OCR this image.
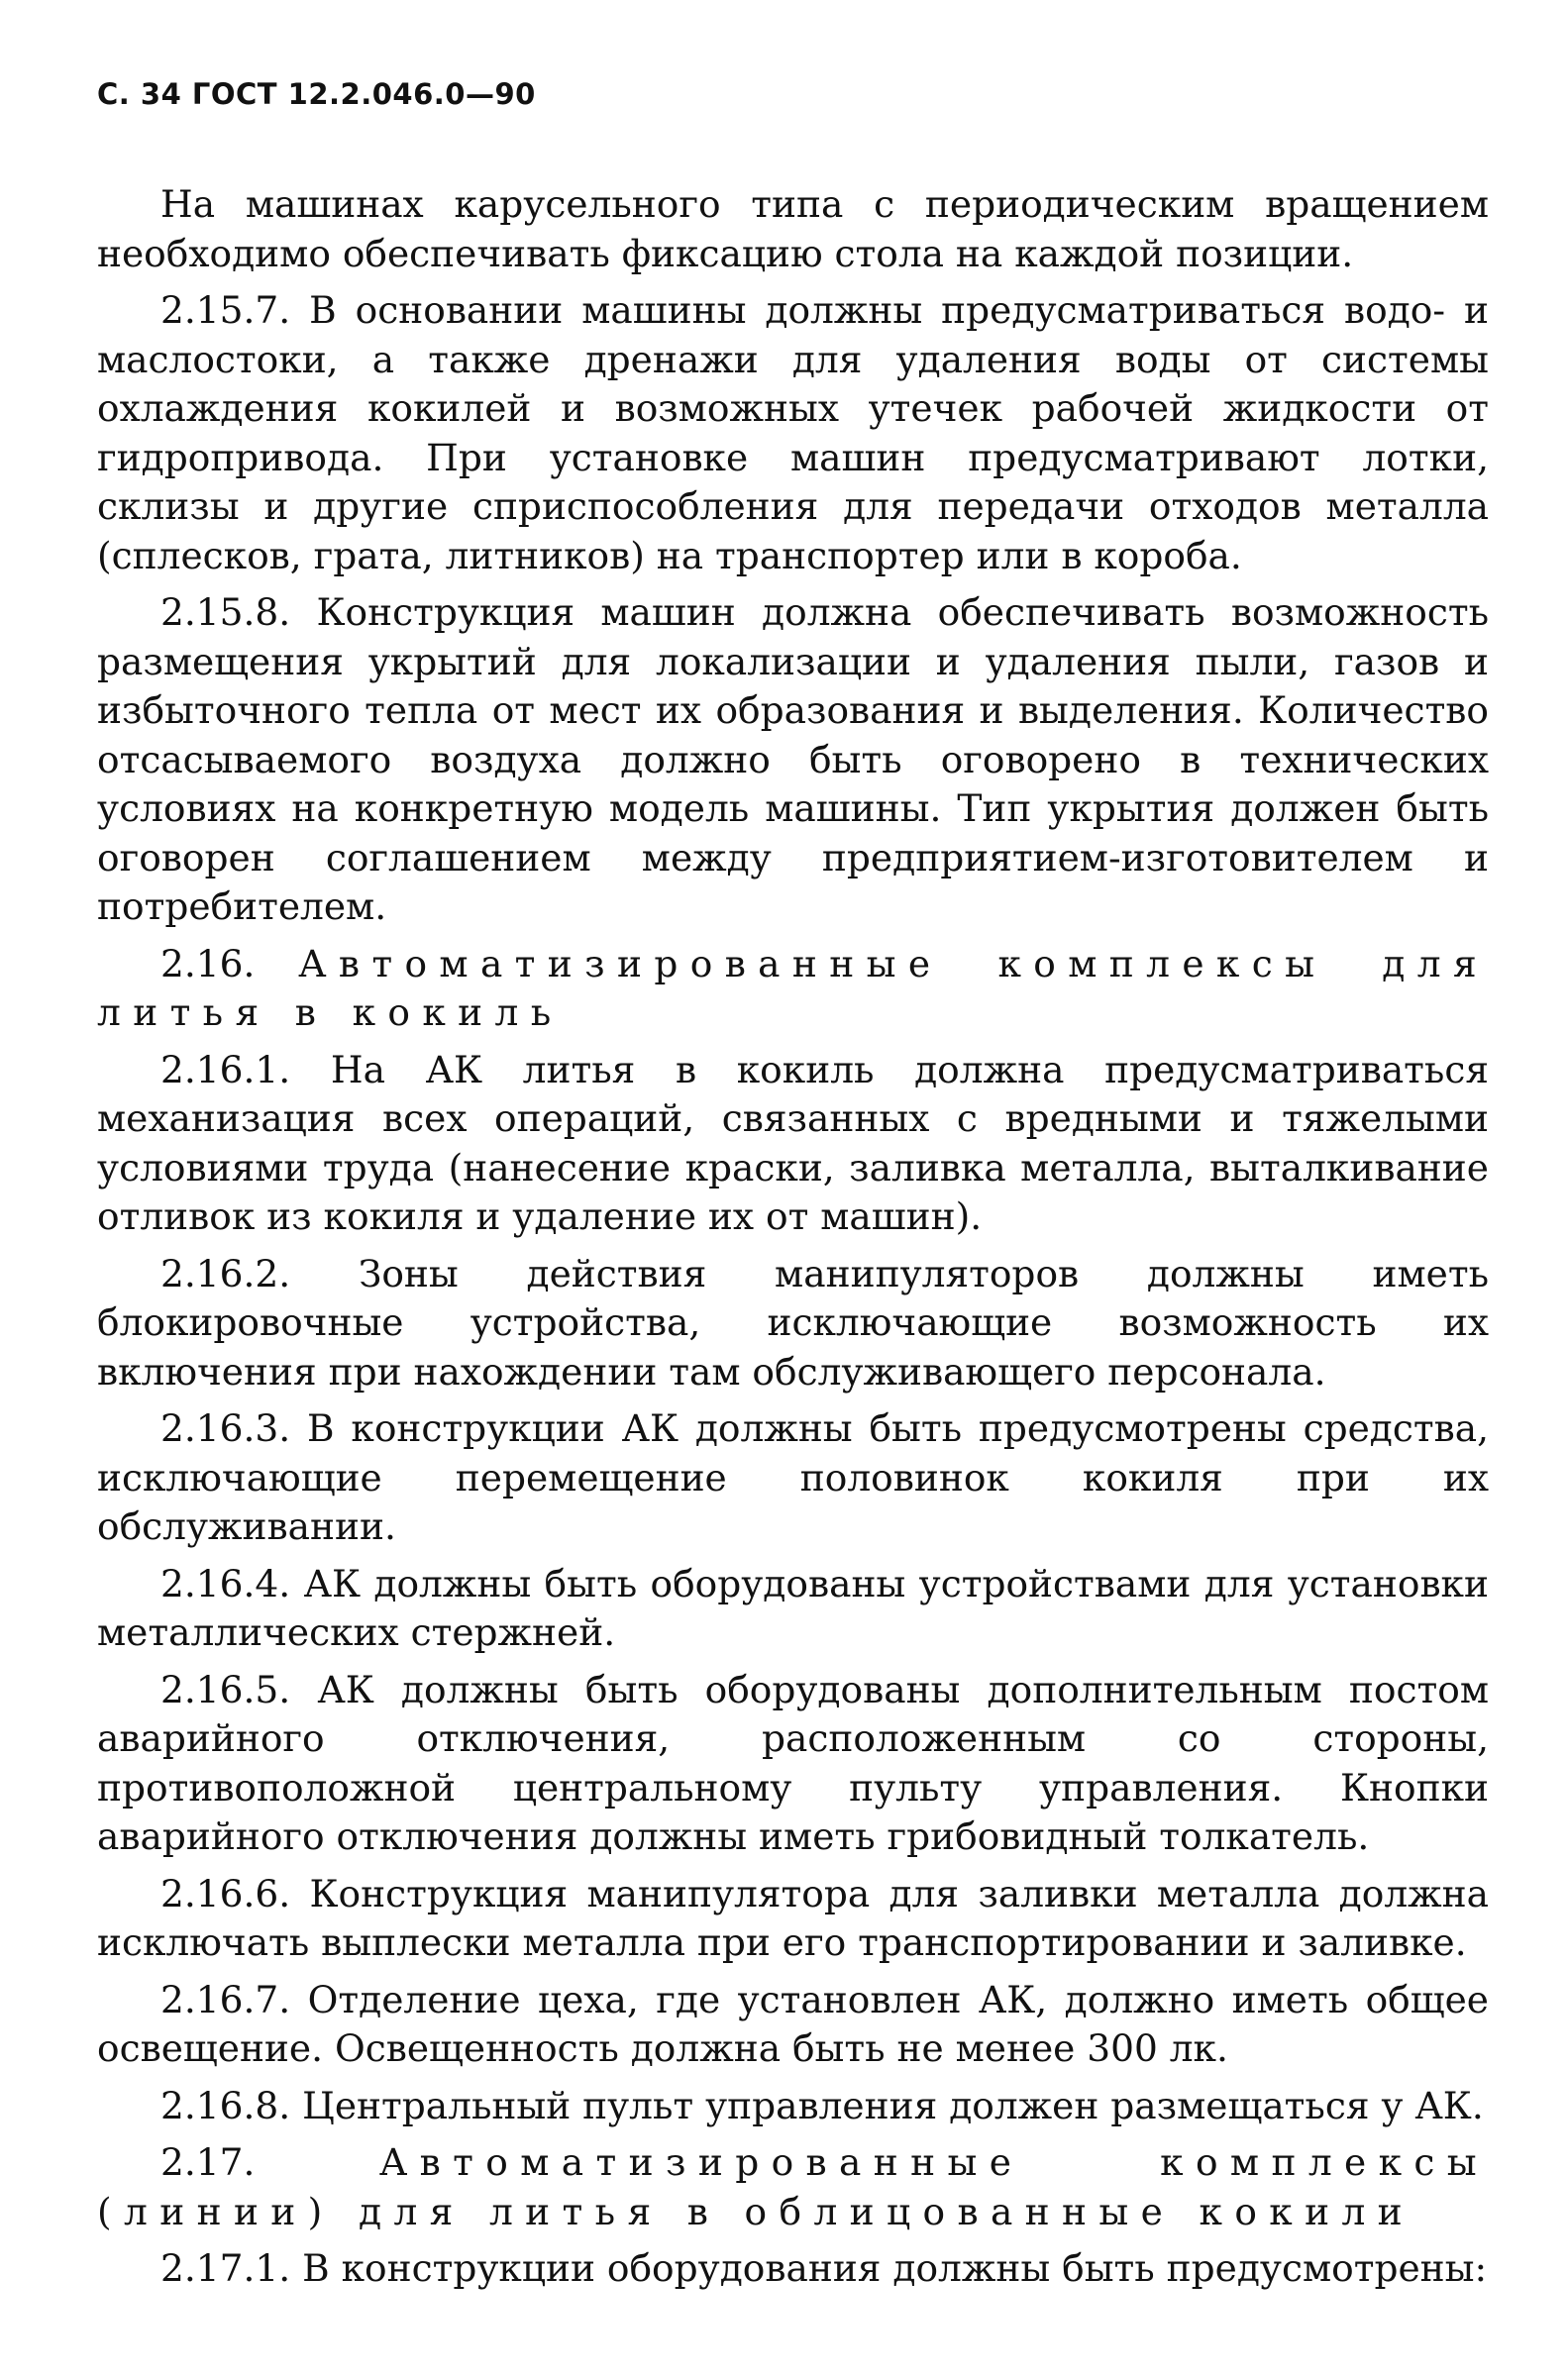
С. 34 ГОСТ 12.2.046.0—90

На машинах карусельного типа с периодическим вращением необходимо обеспечивать фиксацию стола на каждой позиции.

2.15.7. В основании машины должны предусматриваться водо- и маслостоки, а также дренажи для удаления воды от системы охлаждения кокилей и возможных утечек рабочей жидкости от гидропривода. При установке машин предусматривают лотки, склизы и другие сприспособления для передачи отходов металла (сплесков, грата, литников) на транспортер или в короба.

2.15.8. Конструкция машин должна обеспечивать возможность размещения укрытий для локализации и удаления пыли, газов и избыточного тепла от мест их образования и выделения. Количество отсасываемого воздуха должно быть оговорено в технических условиях на конкретную модель машины. Тип укрытия должен быть оговорен соглашением между предприятием-изготовителем и потребителем.

2.16. Автоматизированные комплексы для литья в кокиль

2.16.1. На АК литья в кокиль должна предусматриваться механизация всех операций, связанных с вредными и тяжелыми условиями труда (нанесение краски, заливка металла, выталкивание отливок из кокиля и удаление их от машин).

2.16.2. Зоны действия манипуляторов должны иметь блокировочные устройства, исключающие возможность их включения при нахождении там обслуживающего персонала.

2.16.3. В конструкции АК должны быть предусмотрены средства, исключающие перемещение половинок кокиля при их обслуживании.

2.16.4. АК должны быть оборудованы устройствами для установки металлических стержней.

2.16.5. АК должны быть оборудованы дополнительным постом аварийного отключения, расположенным со стороны, противоположной центральному пульту управления. Кнопки аварийного отключения должны иметь грибовидный толкатель.

2.16.6. Конструкция манипулятора для заливки металла должна исключать выплески металла при его транспортировании и заливке.

2.16.7. Отделение цеха, где установлен АК, должно иметь общее освещение. Освещенность должна быть не менее 300 лк.

2.16.8. Центральный пульт управления должен размещаться у АК.

2.17.	Автоматизированные комплексы (линии) для литья в облицованные кокили

2.17.1. В конструкции оборудования должны быть предусмотрены:
